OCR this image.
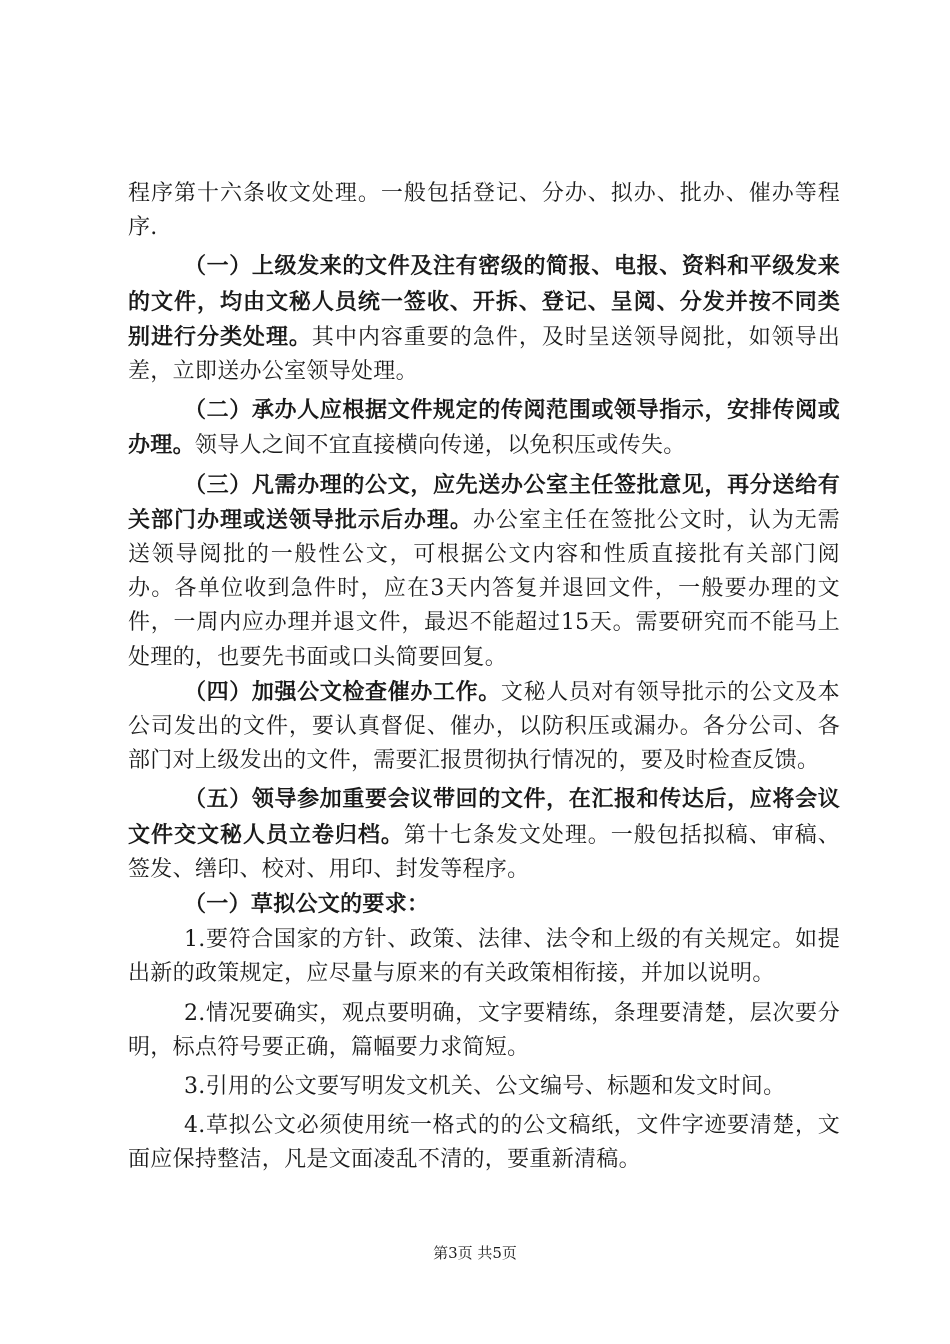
程序第十六条收文处理。一般包括登记、分办、拟办、批办、催办等程序.

（一）上级发来的文件及注有密级的简报、电报、资料和平级发来的文件，均由文秘人员统一签收、开拆、登记、呈阅、分发并按不同类别进行分类处理。其中内容重要的急件，及时呈送领导阅批，如领导出差，立即送办公室领导处理。

（二）承办人应根据文件规定的传阅范围或领导指示，安排传阅或办理。领导人之间不宜直接横向传递，以免积压或传失。

（三）凡需办理的公文，应先送办公室主任签批意见，再分送给有关部门办理或送领导批示后办理。办公室主任在签批公文时，认为无需送领导阅批的一般性公文，可根据公文内容和性质直接批有关部门阅办。各单位收到急件时，应在3天内答复并退回文件，一般要办理的文件，一周内应办理并退文件，最迟不能超过15天。需要研究而不能马上处理的，也要先书面或口头简要回复。

（四）加强公文检查催办工作。文秘人员对有领导批示的公文及本公司发出的文件，要认真督促、催办，以防积压或漏办。各分公司、各部门对上级发出的文件，需要汇报贯彻执行情况的，要及时检查反馈。

（五）领导参加重要会议带回的文件，在汇报和传达后，应将会议文件交文秘人员立卷归档。第十七条发文处理。一般包括拟稿、审稿、签发、缮印、校对、用印、封发等程序。

（一）草拟公文的要求：

1.要符合国家的方针、政策、法律、法令和上级的有关规定。如提出新的政策规定，应尽量与原来的有关政策相衔接，并加以说明。

2.情况要确实，观点要明确，文字要精练，条理要清楚，层次要分明，标点符号要正确，篇幅要力求简短。

3.引用的公文要写明发文机关、公文编号、标题和发文时间。

4.草拟公文必须使用统一格式的的公文稿纸，文件字迹要清楚，文面应保持整洁，凡是文面凌乱不清的，要重新清稿。

第3页 共5页
